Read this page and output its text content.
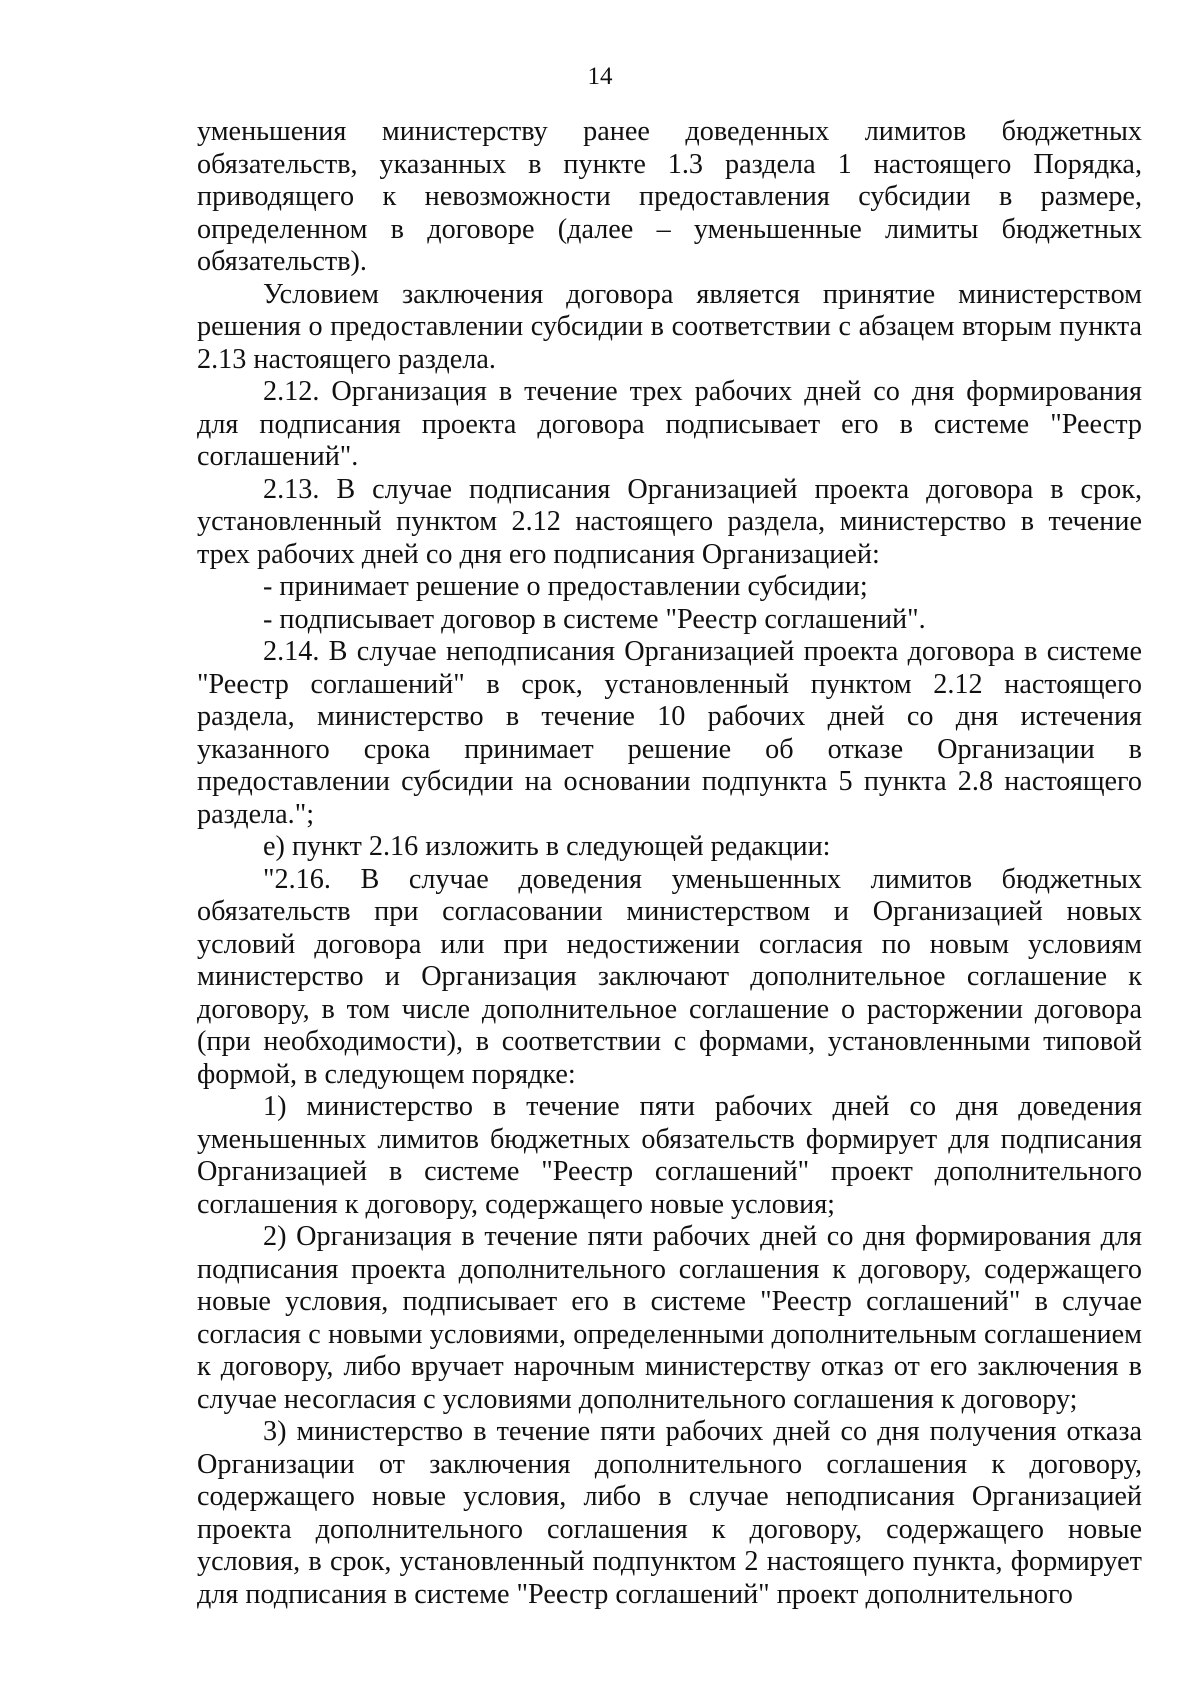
14

уменьшения министерству ранее доведенных лимитов бюджетных обязательств, указанных в пункте 1.3 раздела 1 настоящего Порядка, приводящего к невозможности предоставления субсидии в размере, определенном в договоре (далее – уменьшенные лимиты бюджетных обязательств).

Условием заключения договора является принятие министерством решения о предоставлении субсидии в соответствии с абзацем вторым пункта 2.13 настоящего раздела.

2.12. Организация в течение трех рабочих дней со дня формирования для подписания проекта договора подписывает его в системе "Реестр соглашений".

2.13. В случае подписания Организацией проекта договора в срок, установленный пунктом 2.12 настоящего раздела, министерство в течение трех рабочих дней со дня его подписания Организацией:

- принимает решение о предоставлении субсидии;

- подписывает договор в системе "Реестр соглашений".

2.14. В случае неподписания Организацией проекта договора в системе "Реестр соглашений" в срок, установленный пунктом 2.12 настоящего раздела, министерство в течение 10 рабочих дней со дня истечения указанного срока принимает решение об отказе Организации в предоставлении субсидии на основании подпункта 5 пункта 2.8 настоящего раздела.";

е) пункт 2.16 изложить в следующей редакции:

"2.16. В случае доведения уменьшенных лимитов бюджетных обязательств при согласовании министерством и Организацией новых условий договора или при недостижении согласия по новым условиям министерство и Организация заключают дополнительное соглашение к договору, в том числе дополнительное соглашение о расторжении договора (при необходимости), в соответствии с формами, установленными типовой формой, в следующем порядке:

1) министерство в течение пяти рабочих дней со дня доведения уменьшенных лимитов бюджетных обязательств формирует для подписания Организацией в системе "Реестр соглашений" проект дополнительного соглашения к договору, содержащего новые условия;

2) Организация в течение пяти рабочих дней со дня формирования для подписания проекта дополнительного соглашения к договору, содержащего новые условия, подписывает его в системе "Реестр соглашений" в случае согласия с новыми условиями, определенными дополнительным соглашением к договору, либо вручает нарочным министерству отказ от его заключения в случае несогласия с условиями дополнительного соглашения к договору;

3) министерство в течение пяти рабочих дней со дня получения отказа Организации от заключения дополнительного соглашения к договору, содержащего новые условия, либо в случае неподписания Организацией проекта дополнительного соглашения к договору, содержащего новые условия, в срок, установленный подпунктом 2 настоящего пункта, формирует для подписания в системе "Реестр соглашений" проект дополнительного
